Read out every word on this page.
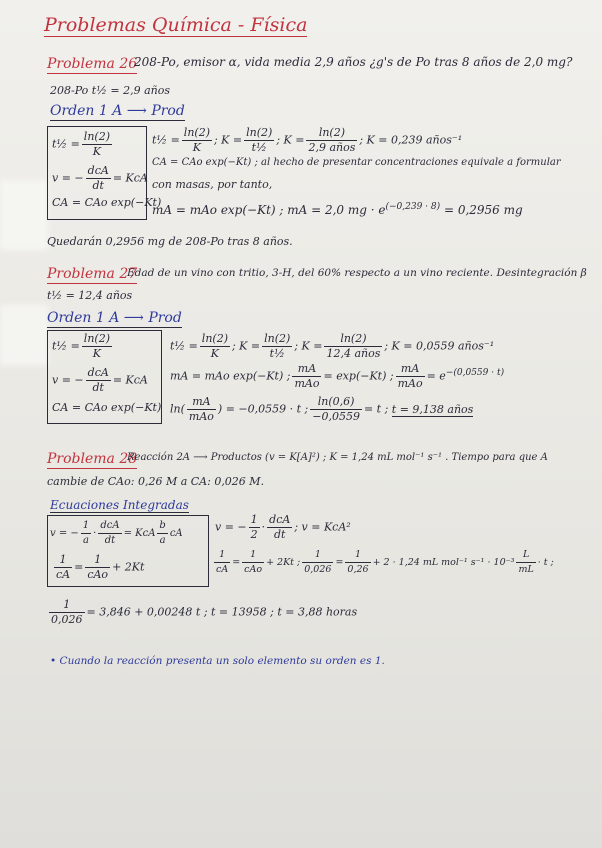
Problemas Química - Física
Problema 26
208-Po, emisor α, vida media 2,9 años ¿g's de Po tras 8 años de 2,0 mg?
208-Po t½ = 2,9 años
Orden 1 A ⟶ Prod
t½ = $\frac{\ln(2)}{K}$
v = − $\frac{\text{dcA}}{dt}$ = KcA
CA = CAo exp(−Kt)
t½ = $\frac{\ln(2)}{K}$ ; $K = \frac{\ln(2)}{\text{t½}}$ ; $K = \frac{\ln(2)}{\text{2,9 años}}$ ; K = 0,239 años⁻¹
CA = CAo exp(−Kt) ; al hecho de presentar concentraciones equivale a formular
con masas, por tanto,
mA = mAo exp(−Kt) ; mA = 2,0 mg · $e^{(-0,239 \cdot 8)} = 0,2956$ mg
Quedarán 0,2956 mg de 208-Po tras 8 años.
Problema 27
Edad de un vino con tritio, 3-H, del 60% respecto a un vino reciente. Desintegración β
t½ = 12,4 años
Orden 1 A ⟶ Prod
t½ = $\frac{\ln(2)}{K}$
v = − $\frac{\text{dcA}}{dt}$ = KcA
CA = CAo exp(−Kt)
t½ = $\frac{\ln(2)}{K}$ ; $K = \frac{\ln(2)}{\text{t½}}$ ; $K = \frac{\ln(2)}{\text{12,4 años}}$ ; K = 0,0559 años⁻¹
mA = mAo exp(−Kt) ; $\frac{mA}{\text{mAo}} = \exp(-Kt)$ ; $\frac{mA}{\text{mAo}} = e^{-(0,0559 \cdot t)}$
$\ln( \frac{mA}{\text{mAo}}$ ) = −0,0559 · t ; $\frac{\ln(0,6)}{-0,0559} = t$ ; t = 9,138 años
Problema 28
Reacción 2A ⟶ Productos (v = K[A]²) ; K = 1,24 mL mol⁻¹ s⁻¹ . Tiempo para que A
cambie de CAo: 0,26 M a CA: 0,026 M.
Ecuaciones Integradas
v = − $\frac{1}{a} \cdot \frac{\text{dcA}}{dt}$ = KcA $\frac{b}{a}$ cA
$\frac{1}{cA} = \frac{1}{\text{cAo}} + 2Kt$
v = − $\frac{1}{2} \cdot \frac{\text{dcA}}{dt}$ ; v = KcA²
$\frac{1}{cA} = \frac{1}{\text{cAo}} + 2Kt$ ; $\frac{1}{0,026} = \frac{1}{0,26} + 2 \cdot 1,24$ mL mol⁻¹ $s^{-1} \cdot 10^{-3} \frac{L}{mL} \cdot t$ ;
$\frac{1}{0,026} = 3,846 + 0,00248$ t ; t = 13958 ; t = 3,88 horas
• Cuando la reacción presenta un solo elemento su orden es 1.
